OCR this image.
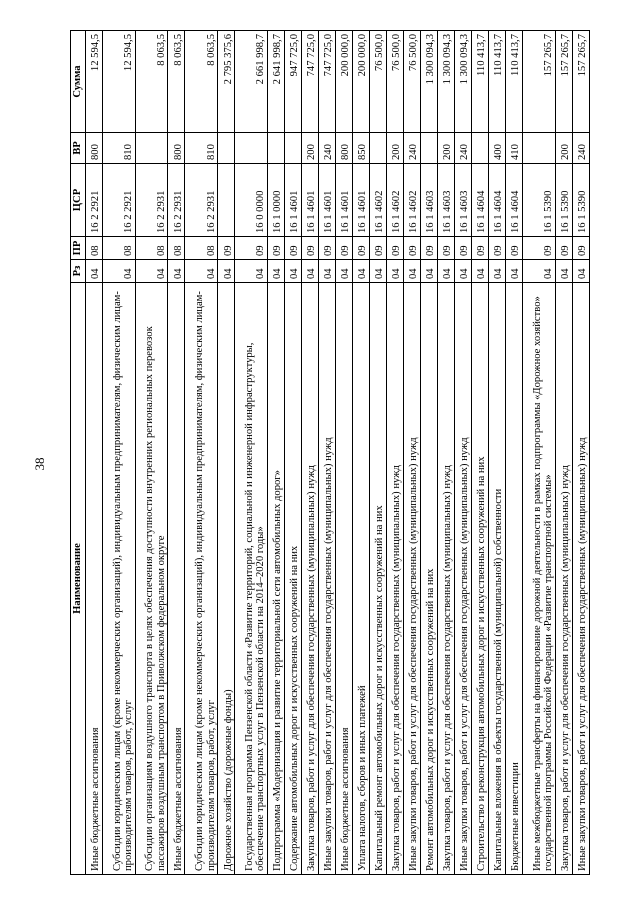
38
Наименование	Рз	ПР	ЦСР	ВР	Сумма
Иные бюджетные ассигнования	04	08	16 2 2921	800	12 594,5
Субсидии юридическим лицам (кроме некоммерческих организаций), индивидуальным предпринимателям, физическим лицам-производителям товаров, работ, услуг	04	08	16 2 2921	810	12 594,5
Субсидии организациям воздушного транспорта в целях обеспечения доступности внутренних региональных перевозок пассажиров воздушным транспортом в Приволжском федеральном округе	04	08	16 2 2931		8 063,5
Иные бюджетные ассигнования	04	08	16 2 2931	800	8 063,5
Субсидии юридическим лицам (кроме некоммерческих организаций), индивидуальным предпринимателям, физическим лицам-производителям товаров, работ, услуг	04	08	16 2 2931	810	8 063,5
Дорожное хозяйство (дорожные фонды)	04	09			2 795 375,6
Государственная программа Пензенской области «Развитие территорий, социальной и инженерной инфраструктуры, обеспечение транспортных услуг в Пензенской области на 2014–2020 годы»	04	09	16 0 0000		2 661 998,7
Подпрограмма «Модернизация и развитие территориальной сети автомобильных дорог»	04	09	16 1 0000		2 641 998,7
Содержание автомобильных дорог и искусственных сооружений на них	04	09	16 1 4601		947 725,0
Закупка товаров, работ и услуг для обеспечения государственных (муниципальных) нужд	04	09	16 1 4601	200	747 725,0
Иные закупки товаров, работ и услуг для обеспечения государственных (муниципальных) нужд	04	09	16 1 4601	240	747 725,0
Иные бюджетные ассигнования	04	09	16 1 4601	800	200 000,0
Уплата налогов, сборов и иных платежей	04	09	16 1 4601	850	200 000,0
Капитальный ремонт автомобильных дорог и искусственных сооружений на них	04	09	16 1 4602		76 500,0
Закупка товаров, работ и услуг для обеспечения государственных (муниципальных) нужд	04	09	16 1 4602	200	76 500,0
Иные закупки товаров, работ и услуг для обеспечения государственных (муниципальных) нужд	04	09	16 1 4602	240	76 500,0
Ремонт автомобильных дорог и искусственных сооружений на них	04	09	16 1 4603		1 300 094,3
Закупка товаров, работ и услуг для обеспечения государственных (муниципальных) нужд	04	09	16 1 4603	200	1 300 094,3
Иные закупки товаров, работ и услуг для обеспечения государственных (муниципальных) нужд	04	09	16 1 4603	240	1 300 094,3
Строительство и реконструкция автомобильных дорог и искусственных сооружений на них	04	09	16 1 4604		110 413,7
Капитальные вложения в объекты государственной (муниципальной) собственности	04	09	16 1 4604	400	110 413,7
Бюджетные инвестиции	04	09	16 1 4604	410	110 413,7
Иные межбюджетные трансферты на финансирование дорожной деятельности в рамках подпрограммы «Дорожное хозяйство» государственной программы Российской Федерации «Развитие транспортной системы»	04	09	16 1 5390		157 265,7
Закупка товаров, работ и услуг для обеспечения государственных (муниципальных) нужд	04	09	16 1 5390	200	157 265,7
Иные закупки товаров, работ и услуг для обеспечения государственных (муниципальных) нужд	04	09	16 1 5390	240	157 265,7
